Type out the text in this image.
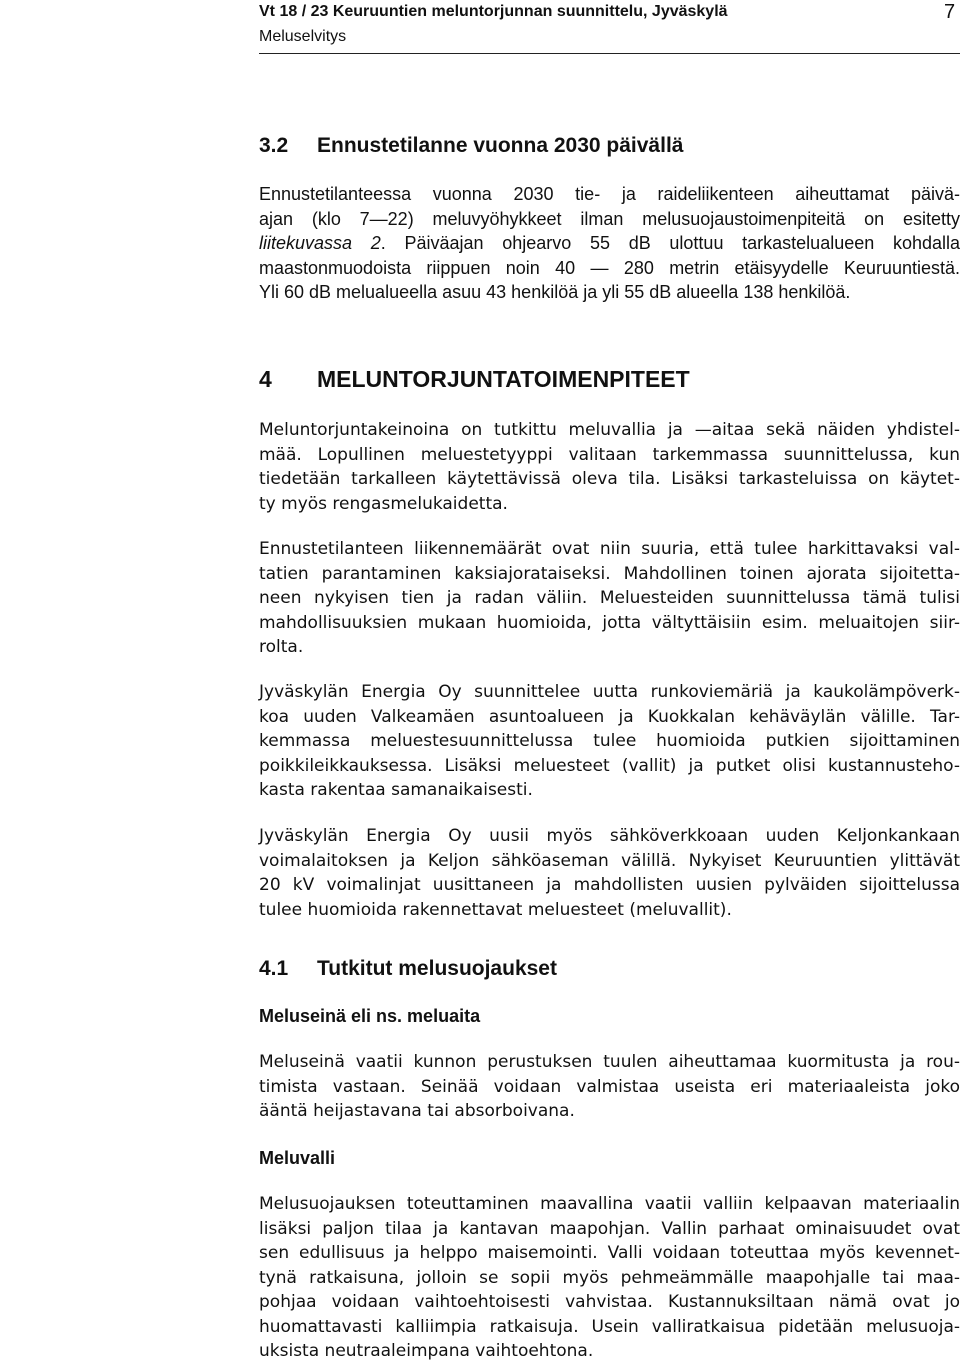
Vt 18 / 23 Keuruuntien meluntorjunnan suunnittelu, Jyväskylä
Meluselvitys
7
3.2 Ennustetilanne vuonna 2030 päivällä
Ennustetilanteessa vuonna 2030 tie- ja raideliikenteen aiheuttamat päivä-
ajan (klo 7—22) meluvyöhykkeet ilman melusuojaustoimenpiteitä on esitetty
liitekuvassa 2. Päiväajan ohjearvo 55 dB ulottuu tarkastelualueen kohdalla
maastonmuodoista riippuen noin 40 — 280 metrin etäisyydelle Keuruuntiestä.
Yli 60 dB melualueella asuu 43 henkilöä ja yli 55 dB alueella 138 henkilöä.
4 MELUNTORJUNTATOIMENPITEET
Meluntorjuntakeinoina on tutkittu meluvallia ja —aitaa sekä näiden yhdistel-
mää. Lopullinen meluestetyyppi valitaan tarkemmassa suunnittelussa, kun
tiedetään tarkalleen käytettävissä oleva tila. Lisäksi tarkasteluissa on käytet-
ty myös rengasmelukaidetta.
Ennustetilanteen liikennemäärät ovat niin suuria, että tulee harkittavaksi val-
tatien parantaminen kaksiajorataiseksi. Mahdollinen toinen ajorata sijoitetta-
neen nykyisen tien ja radan väliin. Meluesteiden suunnittelussa tämä tulisi
mahdollisuuksien mukaan huomioida, jotta vältyttäisiin esim. meluaitojen siir-
rolta.
Jyväskylän Energia Oy suunnittelee uutta runkoviemäriä ja kaukolämpöverk-
koa uuden Valkeamäen asuntoalueen ja Kuokkalan kehäväylän välille. Tar-
kemmassa meluestesuunnittelussa tulee huomioida putkien sijoittaminen
poikkileikkauksessa. Lisäksi meluesteet (vallit) ja putket olisi kustannusteho-
kasta rakentaa samanaikaisesti.
Jyväskylän Energia Oy uusii myös sähköverkkoaan uuden Keljonkankaan
voimalaitoksen ja Keljon sähköaseman välillä. Nykyiset Keuruuntien ylittävät
20 kV voimalinjat uusittaneen ja mahdollisten uusien pylväiden sijoittelussa
tulee huomioida rakennettavat meluesteet (meluvallit).
4.1 Tutkitut melusuojaukset
Meluseinä eli ns. meluaita
Meluseinä vaatii kunnon perustuksen tuulen aiheuttamaa kuormitusta ja rou-
timista vastaan. Seinää voidaan valmistaa useista eri materiaaleista joko
ääntä heijastavana tai absorboivana.
Meluvalli
Melusuojauksen toteuttaminen maavallina vaatii valliin kelpaavan materiaalin
lisäksi paljon tilaa ja kantavan maapohjan. Vallin parhaat ominaisuudet ovat
sen edullisuus ja helppo maisemointi. Valli voidaan toteuttaa myös kevennet-
tynä ratkaisuna, jolloin se sopii myös pehmeämmälle maapohjalle tai maa-
pohjaa voidaan vaihtoehtoisesti vahvistaa. Kustannuksiltaan nämä ovat jo
huomattavasti kalliimpia ratkaisuja. Usein valliratkaisua pidetään melusuoja-
uksista neutraaleimpana vaihtoehtona.
